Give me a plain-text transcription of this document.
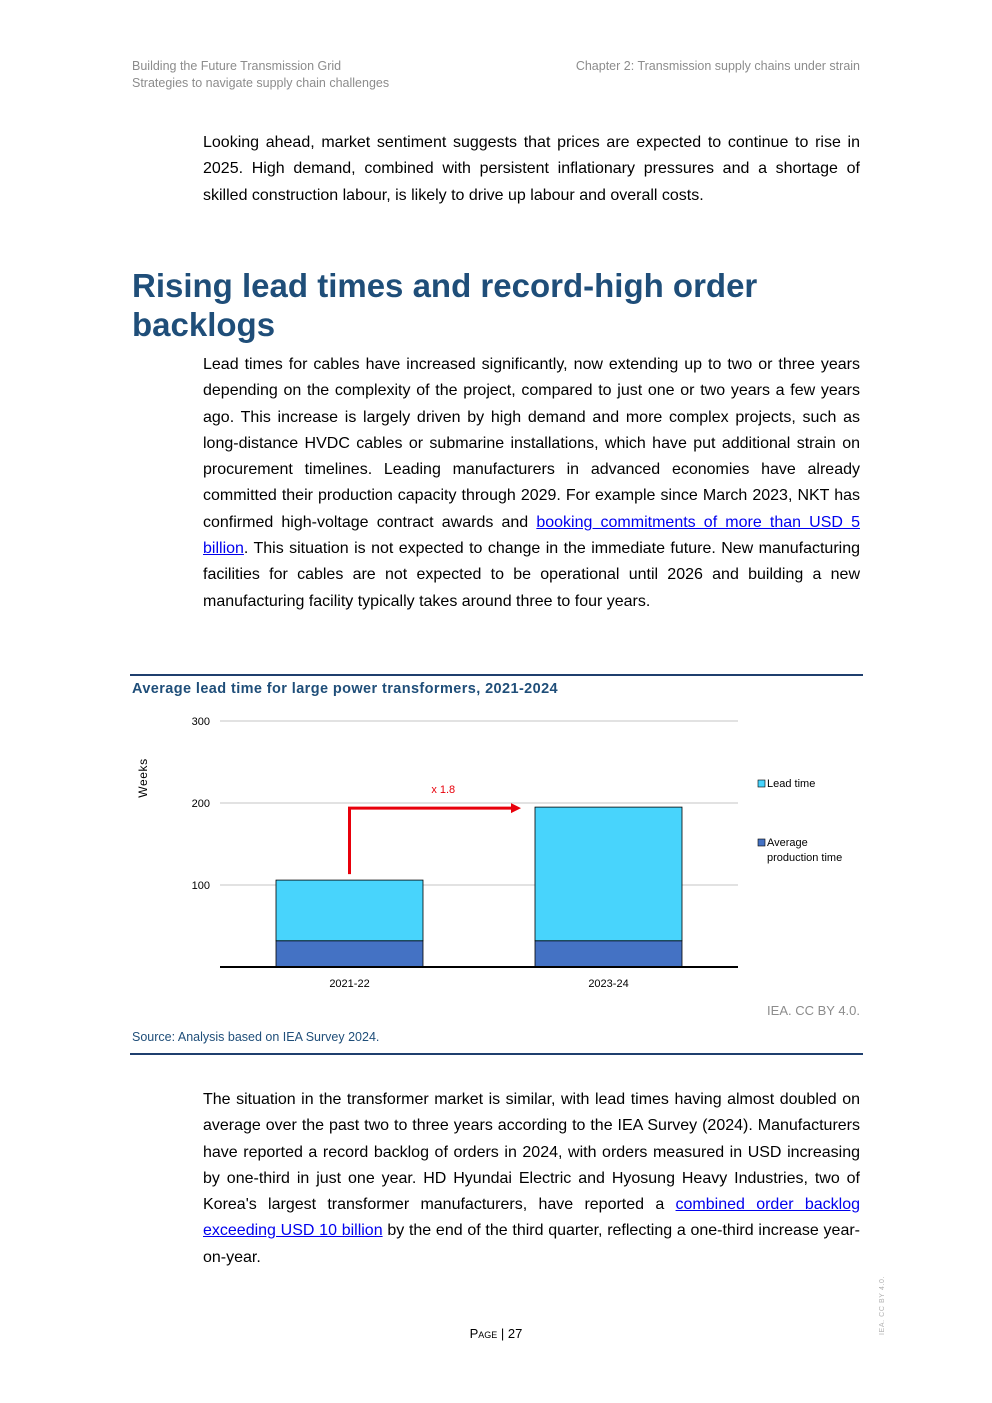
Building the Future Transmission Grid
Strategies to navigate supply chain challenges
Chapter 2: Transmission supply chains under strain

Looking ahead, market sentiment suggests that prices are expected to continue to rise in 2025. High demand, combined with persistent inflationary pressures and a shortage of skilled construction labour, is likely to drive up labour and overall costs.

Rising lead times and record-high order backlogs

Lead times for cables have increased significantly, now extending up to two or three years depending on the complexity of the project, compared to just one or two years a few years ago. This increase is largely driven by high demand and more complex projects, such as long-distance HVDC cables or submarine installations, which have put additional strain on procurement timelines. Leading manufacturers in advanced economies have already committed their production capacity through 2029. For example since March 2023, NKT has confirmed high-voltage contract awards and booking commitments of more than USD 5 billion. This situation is not expected to change in the immediate future. New manufacturing facilities for cables are not expected to be operational until 2026 and building a new manufacturing facility typically takes around three to four years.

Average lead time for large power transformers, 2021-2024
100
200
300
Weeks
2021-22	2023-24
x 1.8
Lead time
Average
production time
IEA. CC BY 4.0.
Source: Analysis based on IEA Survey 2024.

The situation in the transformer market is similar, with lead times having almost doubled on average over the past two to three years according to the IEA Survey (2024). Manufacturers have reported a record backlog of orders in 2024, with orders measured in USD increasing by one-third in just one year. HD Hyundai Electric and Hyosung Heavy Industries, two of Korea's largest transformer manufacturers, have reported a combined order backlog exceeding USD 10 billion by the end of the third quarter, reflecting a one-third increase year-on-year.

Page | 27	IEA. CC BY 4.0.
